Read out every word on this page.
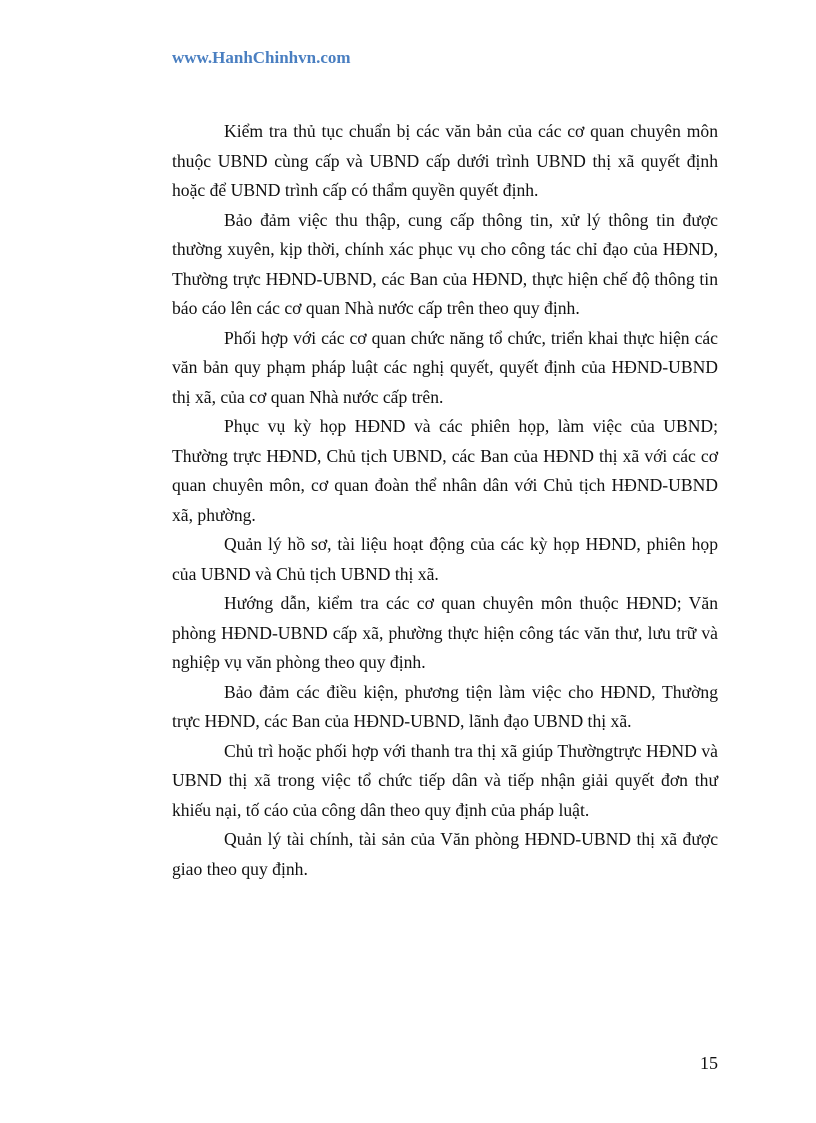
www.HanhChinhvn.com

Kiểm tra thủ tục chuẩn bị các văn bản của các cơ quan chuyên môn thuộc UBND cùng cấp và UBND cấp dưới trình UBND thị xã quyết định hoặc để UBND trình cấp có thẩm quyền quyết định.

Bảo đảm việc thu thập, cung cấp thông tin, xử lý thông tin được thường xuyên, kịp thời, chính xác phục vụ cho công tác chỉ đạo của HĐND, Thường trực HĐND-UBND, các Ban của HĐND, thực hiện chế độ thông tin báo cáo lên các cơ quan Nhà nước cấp trên theo quy định.

Phối hợp với các cơ quan chức năng tổ chức, triển khai thực hiện các văn bản quy phạm pháp luật các nghị quyết, quyết định của HĐND-UBND thị xã, của cơ quan Nhà nước cấp trên.

Phục vụ kỳ họp HĐND và các phiên họp, làm việc của UBND; Thường trực HĐND, Chủ tịch UBND, các Ban của HĐND thị xã với các cơ quan chuyên môn, cơ quan đoàn thể nhân dân với Chủ tịch HĐND-UBND xã, phường.

Quản lý hồ sơ, tài liệu hoạt động của các kỳ họp HĐND, phiên họp của UBND và Chủ tịch UBND thị xã.

Hướng dẫn, kiểm tra các cơ quan chuyên môn thuộc HĐND; Văn phòng HĐND-UBND cấp xã, phường thực hiện công tác văn thư, lưu trữ và nghiệp vụ văn phòng theo quy định.

Bảo đảm các điều kiện, phương tiện làm việc cho HĐND, Thường trực HĐND, các Ban của HĐND-UBND, lãnh đạo UBND thị xã.

Chủ trì hoặc phối hợp với thanh tra thị xã giúp Thườngtrực HĐND và UBND thị xã trong việc tổ chức tiếp dân và tiếp nhận giải quyết đơn thư khiếu nại, tố cáo của công dân theo quy định của pháp luật.

Quản lý tài chính, tài sản của Văn phòng HĐND-UBND thị xã được giao theo quy định.

15
